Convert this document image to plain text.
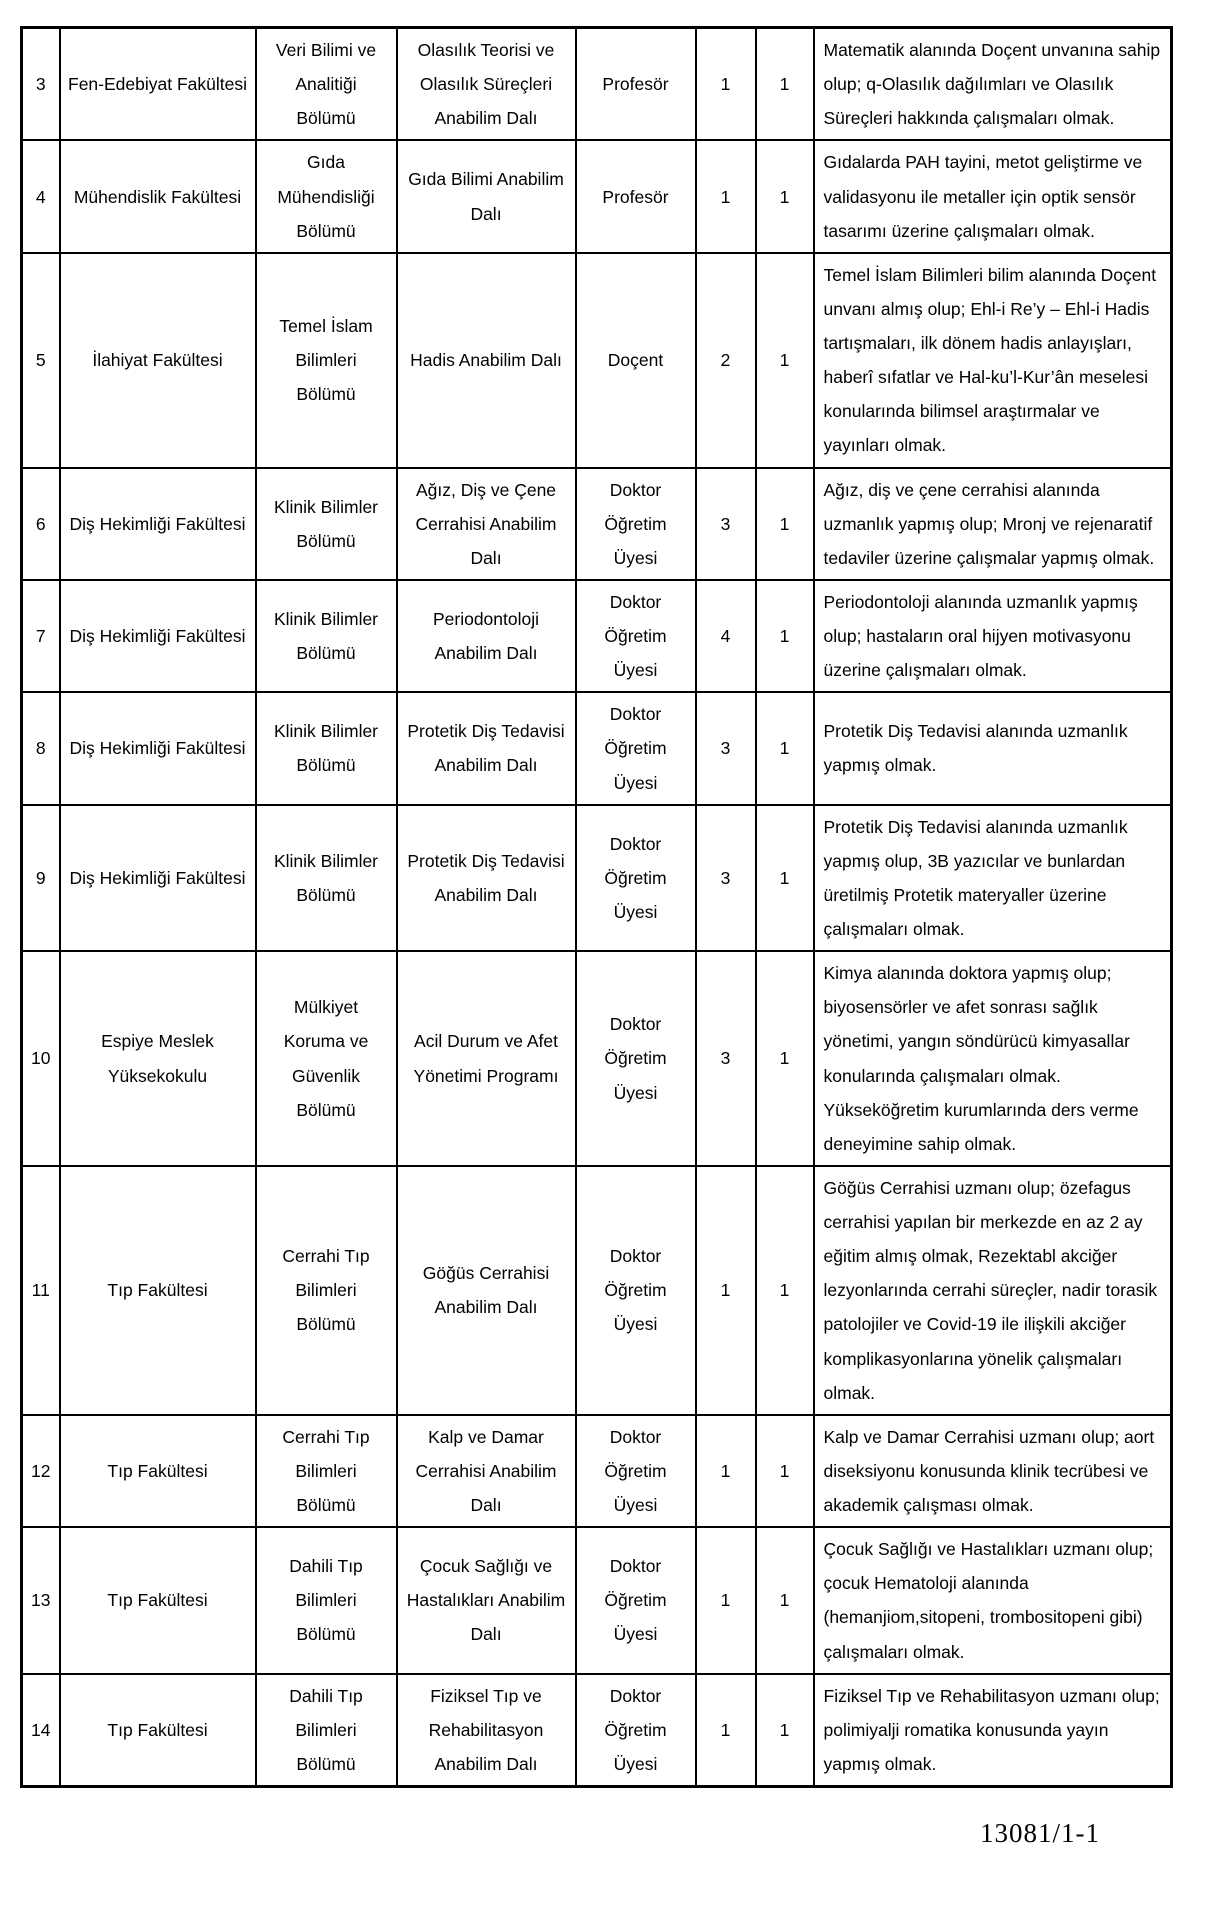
3	Fen-Edebiyat Fakültesi	Veri Bilimi ve Analitiği Bölümü	Olasılık Teorisi ve Olasılık Süreçleri Anabilim Dalı	Profesör	1	1	Matematik alanında Doçent unvanına sahip olup; q-Olasılık dağılımları ve Olasılık Süreçleri hakkında çalışmaları olmak.
4	Mühendislik Fakültesi	Gıda Mühendisliği Bölümü	Gıda Bilimi Anabilim Dalı	Profesör	1	1	Gıdalarda PAH tayini, metot geliştirme ve validasyonu ile metaller için optik sensör tasarımı üzerine çalışmaları olmak.
5	İlahiyat Fakültesi	Temel İslam Bilimleri Bölümü	Hadis Anabilim Dalı	Doçent	2	1	Temel İslam Bilimleri bilim alanında Doçent unvanı almış olup; Ehl-i Re’y – Ehl-i Hadis tartışmaları, ilk dönem hadis anlayışları, haberî sıfatlar ve Hal-ku’l-Kur’ân meselesi konularında bilimsel araştırmalar ve yayınları olmak.
6	Diş Hekimliği Fakültesi	Klinik Bilimler Bölümü	Ağız, Diş ve Çene Cerrahisi Anabilim Dalı	Doktor Öğretim Üyesi	3	1	Ağız, diş ve çene cerrahisi alanında uzmanlık yapmış olup; Mronj ve rejenaratif tedaviler üzerine çalışmalar yapmış olmak.
7	Diş Hekimliği Fakültesi	Klinik Bilimler Bölümü	Periodontoloji Anabilim Dalı	Doktor Öğretim Üyesi	4	1	Periodontoloji alanında uzmanlık yapmış olup; hastaların oral hijyen motivasyonu üzerine çalışmaları olmak.
8	Diş Hekimliği Fakültesi	Klinik Bilimler Bölümü	Protetik Diş Tedavisi Anabilim Dalı	Doktor Öğretim Üyesi	3	1	Protetik Diş Tedavisi alanında uzmanlık yapmış olmak.
9	Diş Hekimliği Fakültesi	Klinik Bilimler Bölümü	Protetik Diş Tedavisi Anabilim Dalı	Doktor Öğretim Üyesi	3	1	Protetik Diş Tedavisi alanında uzmanlık yapmış olup, 3B yazıcılar ve bunlardan üretilmiş Protetik materyaller üzerine çalışmaları olmak.
10	Espiye Meslek Yüksekokulu	Mülkiyet Koruma ve Güvenlik Bölümü	Acil Durum ve Afet Yönetimi Programı	Doktor Öğretim Üyesi	3	1	Kimya alanında doktora yapmış olup; biyosensörler ve afet sonrası sağlık yönetimi, yangın söndürücü kimyasallar konularında çalışmaları olmak. Yükseköğretim kurumlarında ders verme deneyimine sahip olmak.
11	Tıp Fakültesi	Cerrahi Tıp Bilimleri Bölümü	Göğüs Cerrahisi Anabilim Dalı	Doktor Öğretim Üyesi	1	1	Göğüs Cerrahisi uzmanı olup; özefagus cerrahisi yapılan bir merkezde en az 2 ay eğitim almış olmak, Rezektabl akciğer lezyonlarında cerrahi süreçler, nadir torasik patolojiler ve Covid-19 ile ilişkili akciğer komplikasyonlarına yönelik çalışmaları olmak.
12	Tıp Fakültesi	Cerrahi Tıp Bilimleri Bölümü	Kalp ve Damar Cerrahisi Anabilim Dalı	Doktor Öğretim Üyesi	1	1	Kalp ve Damar Cerrahisi uzmanı olup; aort diseksiyonu konusunda klinik tecrübesi ve akademik çalışması olmak.
13	Tıp Fakültesi	Dahili Tıp Bilimleri Bölümü	Çocuk Sağlığı ve Hastalıkları Anabilim Dalı	Doktor Öğretim Üyesi	1	1	Çocuk Sağlığı ve Hastalıkları uzmanı olup; çocuk Hematoloji alanında (hemanjiom,sitopeni, trombositopeni gibi) çalışmaları olmak.
14	Tıp Fakültesi	Dahili Tıp Bilimleri Bölümü	Fiziksel Tıp ve Rehabilitasyon Anabilim Dalı	Doktor Öğretim Üyesi	1	1	Fiziksel Tıp ve Rehabilitasyon uzmanı olup; polimiyalji romatika konusunda yayın yapmış olmak.
13081/1-1
